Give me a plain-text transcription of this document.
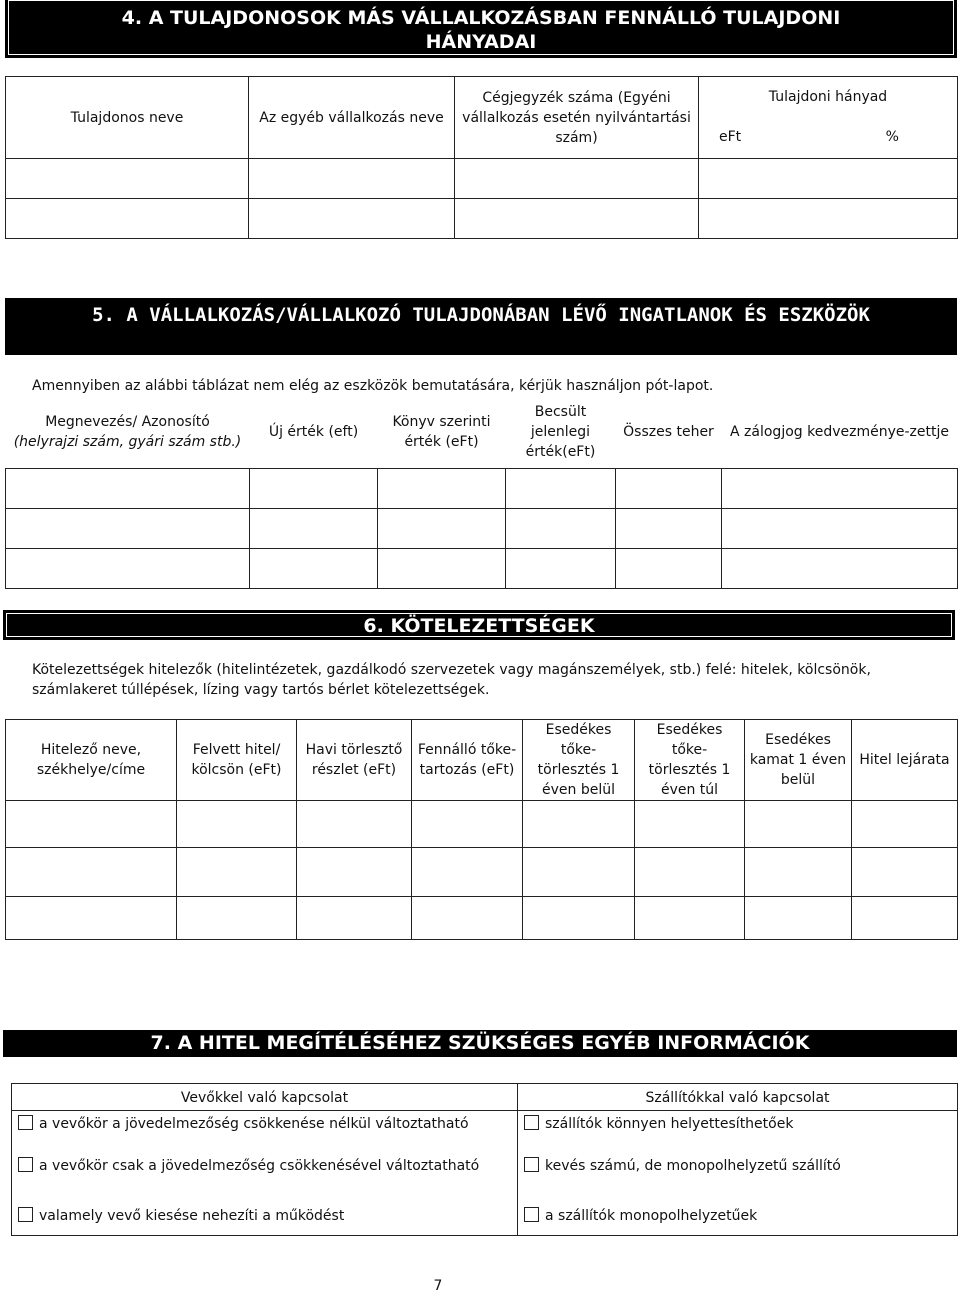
4. A TULAJDONOSOK MÁS VÁLLALKOZÁSBAN FENNÁLLÓ TULAJDONI HÁNYADAI
Tulajdonos neve	Az egyéb vállalkozás neve	Cégjegyzék száma (Egyéni vállalkozás esetén nyilvántartási szám)	Tulajdoni hányad	
			eFt	%

5. A VÁLLALKOZÁS/VÁLLALKOZÓ TULAJDONÁBAN LÉVŐ INGATLANOK ÉS ESZKÖZÖK
Amennyiben az alábbi táblázat nem elég az eszközök bemutatására, kérjük használjon pót-lapot.
Megnevezés/ Azonosító
(helyrajzi szám, gyári szám stb.)	Új érték (eft)	Könyv szerinti érték (eFt)	Becsült jelenlegi érték(eFt)	Összes teher	A zálogjog kedvezménye-zettje

6. KÖTELEZETTSÉGEK
Kötelezettségek hitelezők (hitelintézetek, gazdálkodó szervezetek vagy magánszemélyek, stb.) felé: hitelek, kölcsönök, számlakeret túllépések, lízing vagy tartós bérlet kötelezettségek.
Hitelező neve, székhelye/címe	Felvett hitel/ kölcsön (eFt)	Havi törlesztő részlet (eFt)	Fennálló tőke-tartozás (eFt)	Esedékes tőke-törlesztés 1 éven belül	Esedékes tőke-törlesztés 1 éven túl	Esedékes kamat 1 éven belül	Hitel lejárata

7. A HITEL MEGÍTÉLÉSÉHEZ SZÜKSÉGES EGYÉB INFORMÁCIÓK
Vevőkkel való kapcsolat	Szállítókkal való kapcsolat
a vevőkör a jövedelmezőség csökkenése nélkül változtatható	szállítók könnyen helyettesíthetőek
a vevőkör csak a jövedelmezőség csökkenésével változtatható	kevés számú, de monopolhelyzetű szállító
valamely vevő kiesése nehezíti a működést	a szállítók monopolhelyzetűek
7
